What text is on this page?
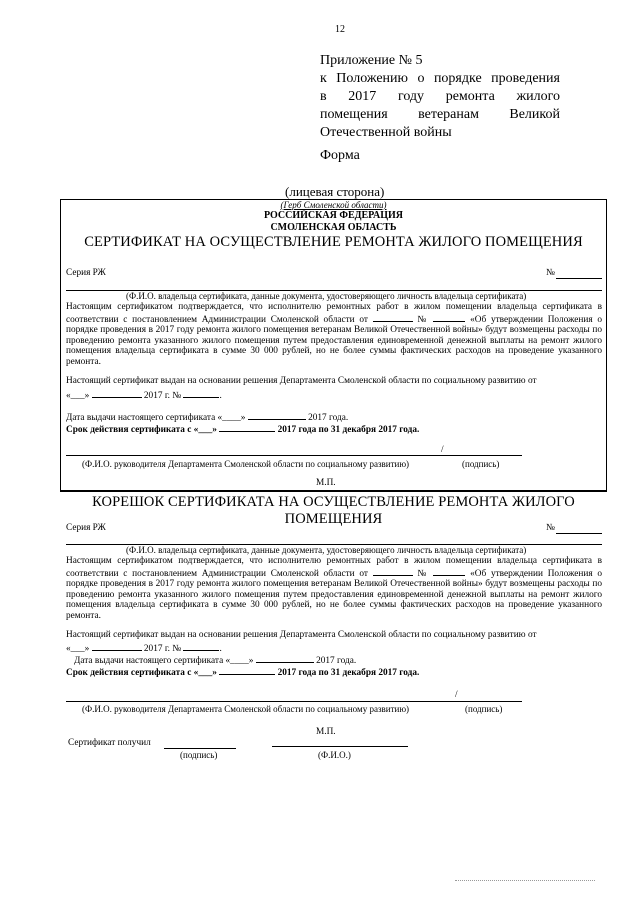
12
Приложение № 5
к Положению о порядке проведения
в 2017 году ремонта жилого
помещения ветеранам Великой
Отечественной войны
Форма
(лицевая сторона)
(Герб Смоленской области)
РОССИЙСКАЯ ФЕДЕРАЦИЯ
СМОЛЕНСКАЯ ОБЛАСТЬ
СЕРТИФИКАТ НА ОСУЩЕСТВЛЕНИЕ РЕМОНТА ЖИЛОГО ПОМЕЩЕНИЯ
Серия РЖ	№
(Ф.И.О. владельца сертификата, данные документа, удостоверяющего личность владельца сертификата)
Настоящим сертификатом подтверждается, что исполнителю ремонтных работ в жилом помещении владельца сертификата в соответствии с постановлением Администрации Смоленской области от	№	«Об утверждении Положения о порядке проведения в 2017 году ремонта жилого помещения ветеранам Великой Отечественной войны» будут возмещены расходы по проведению ремонта указанного жилого помещения путем предоставления единовременной денежной выплаты на ремонт жилого помещения владельца сертификата в сумме 30 000 рублей, но не более суммы фактических расходов на проведение указанного ремонта.
Настоящий сертификат выдан на основании решения Департамента Смоленской области по социальному развитию от
«___»	2017 г. №	.
Дата выдачи настоящего сертификата «____»	2017 года.
Срок действия сертификата с «___»	2017 года по 31 декабря 2017 года.
/
(Ф.И.О. руководителя Департамента Смоленской области по социальному развитию)	(подпись)
М.П.
КОРЕШОК СЕРТИФИКАТА НА ОСУЩЕСТВЛЕНИЕ РЕМОНТА ЖИЛОГО ПОМЕЩЕНИЯ
Серия РЖ	№
(Ф.И.О. владельца сертификата, данные документа, удостоверяющего личность владельца сертификата)
Настоящим сертификатом подтверждается, что исполнителю ремонтных работ в жилом помещении владельца сертификата в соответствии с постановлением Администрации Смоленской области от	№	«Об утверждении Положения о порядке проведения в 2017 году ремонта жилого помещения ветеранам Великой Отечественной войны» будут возмещены расходы по проведению ремонта указанного жилого помещения путем предоставления единовременной денежной выплаты на ремонт жилого помещения владельца сертификата в сумме 30 000 рублей, но не более суммы фактических расходов на проведение указанного ремонта.
Настоящий сертификат выдан на основании решения Департамента Смоленской области по социальному развитию от
«___»	2017 г. №	.
Дата выдачи настоящего сертификата «____»	2017 года.
Срок действия сертификата с «___»	2017 года по 31 декабря 2017 года.
/
(Ф.И.О. руководителя Департамента Смоленской области по социальному развитию)	(подпись)
М.П.
Сертификат получил
(подпись)	(Ф.И.О.)
